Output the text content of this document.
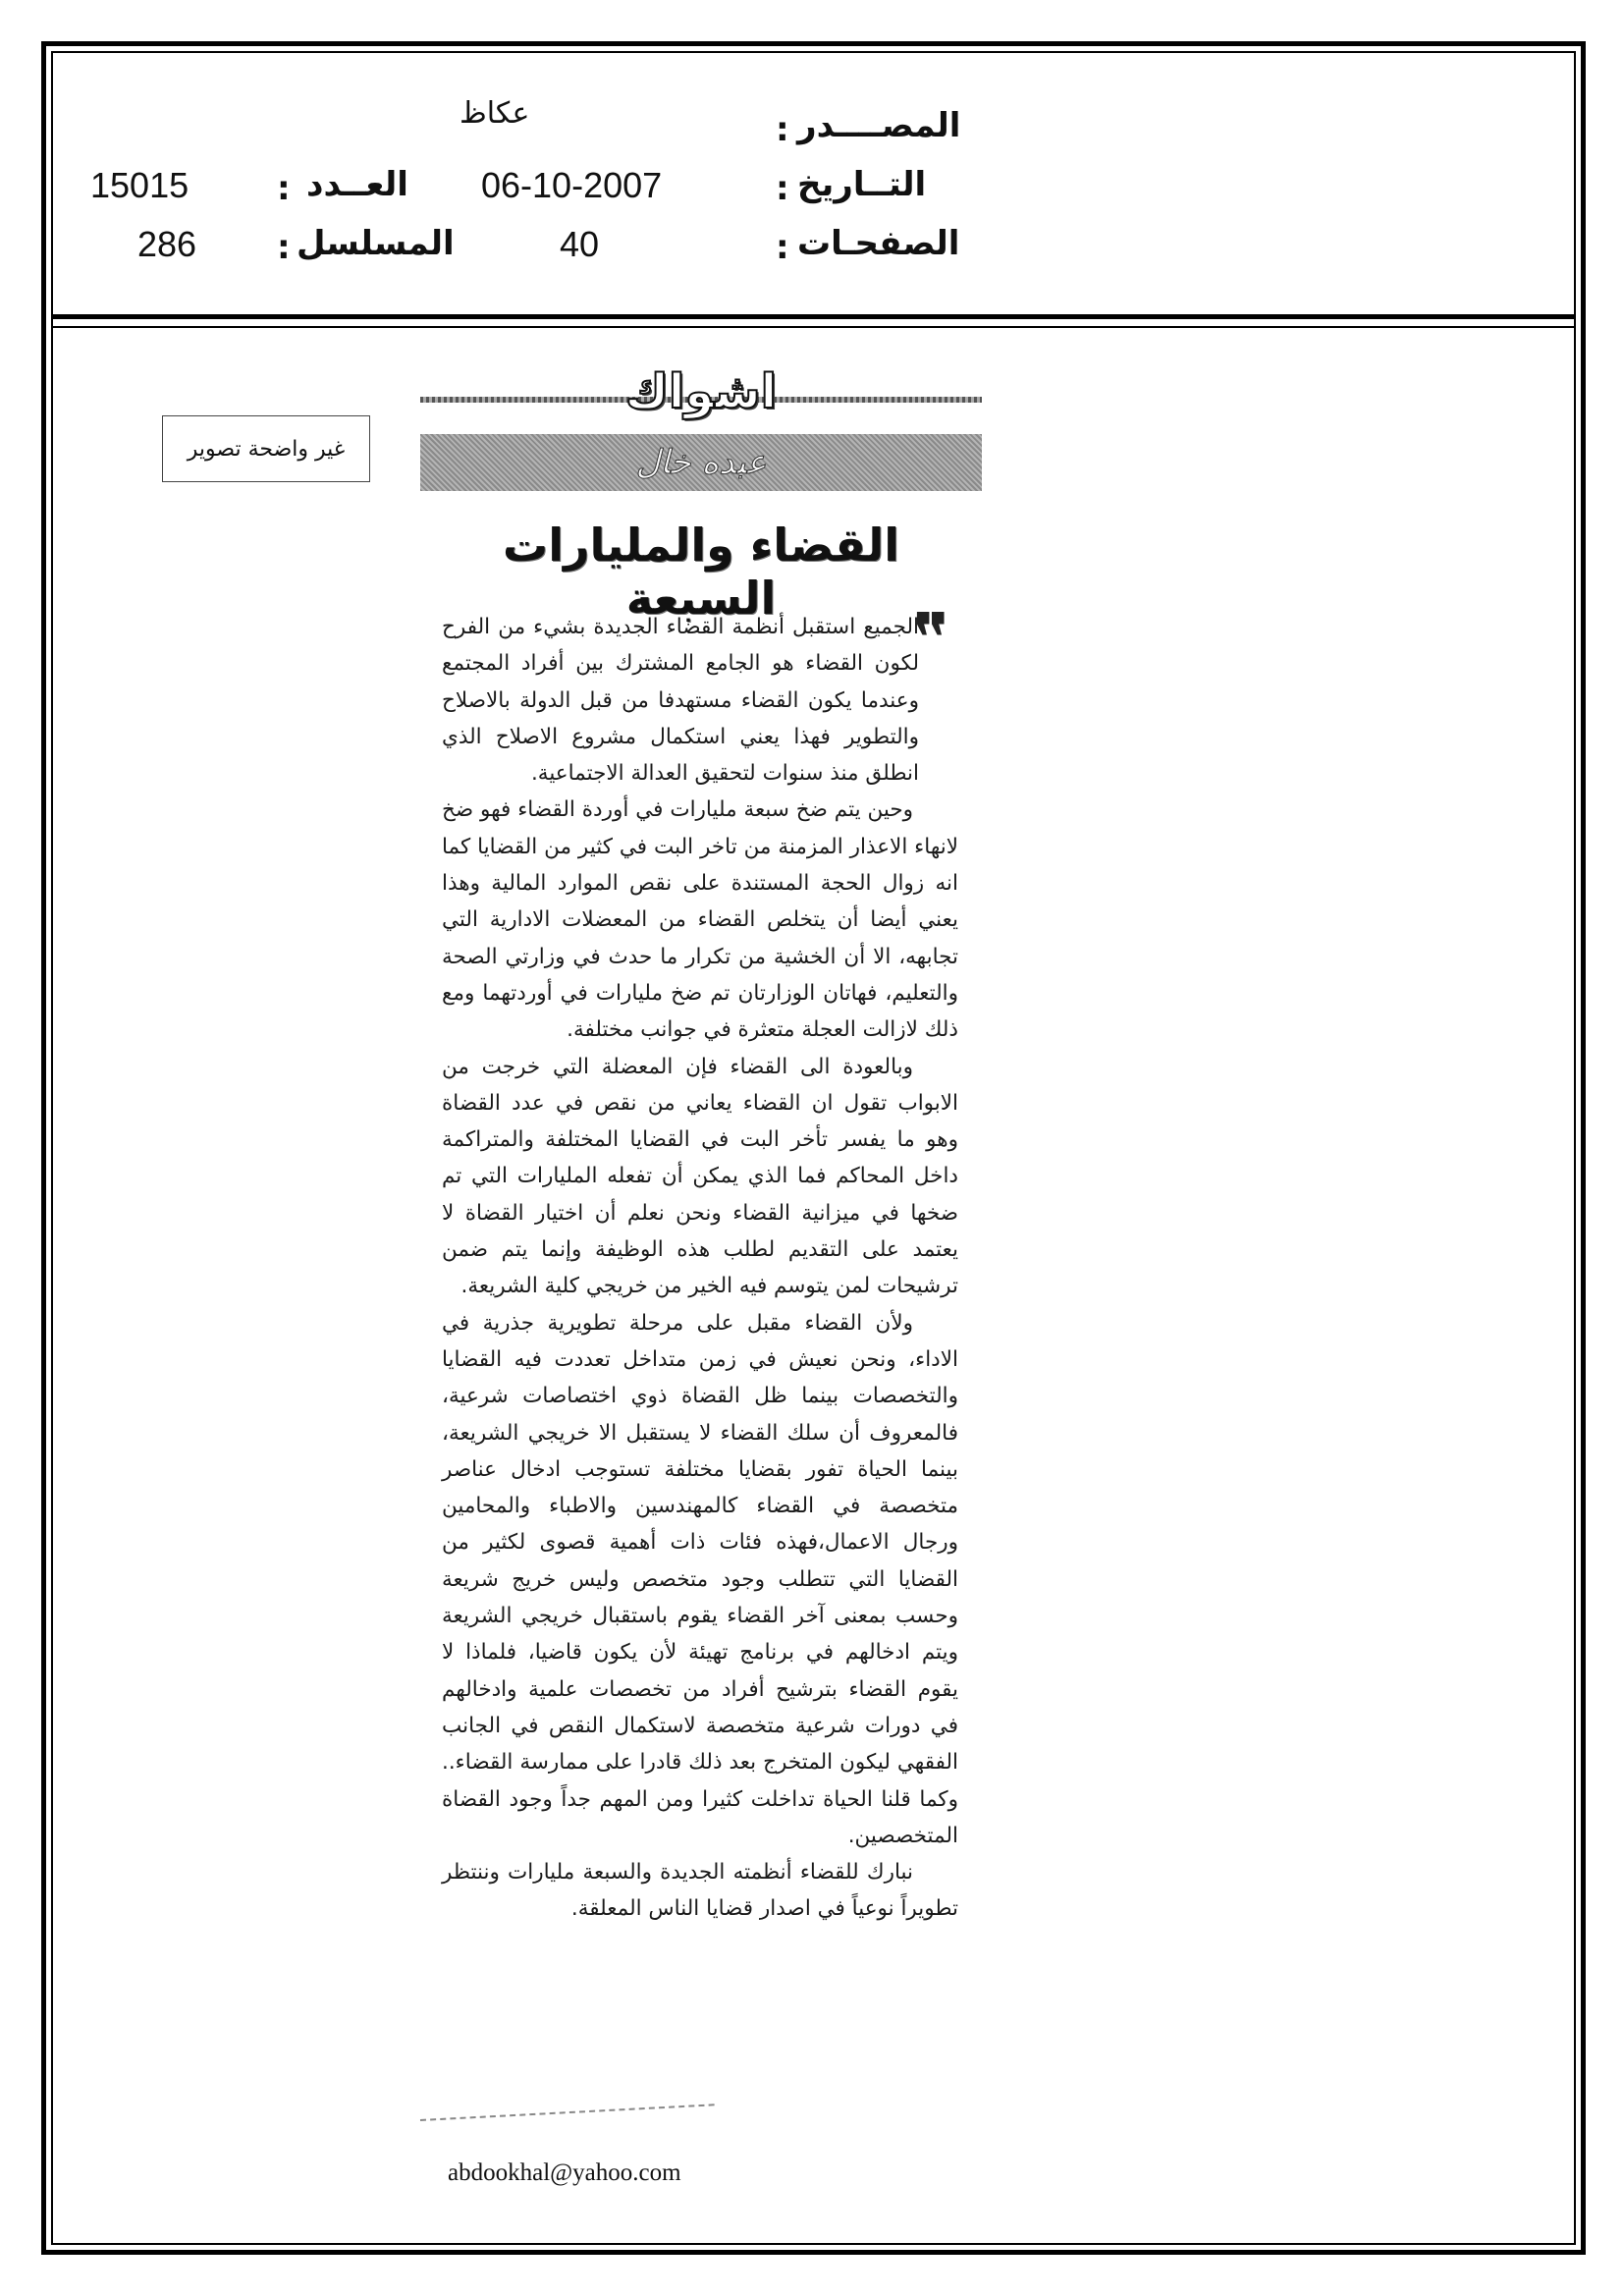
عكاظ	: المصــــدر
06-10-2007	: التــاريخ
15015	: العــدد
40	: الصفحـات
286 : المسلسل
غير واضحة تصوير
اشواك
عبده خال
القضاء والمليارات السبعة	❞

الجميع استقبل أنظمة القضاء الجديدة بشيء من الفرح لكون القضاء هو الجامع المشترك بين أفراد المجتمع وعندما يكون القضاء مستهدفا من قبل الدولة بالاصلاح والتطوير فهذا يعني استكمال مشروع الاصلاح الذي انطلق منذ سنوات لتحقيق العدالة الاجتماعية.

وحين يتم ضخ سبعة مليارات في أوردة القضاء فهو ضخ لانهاء الاعذار المزمنة من تاخر البت في كثير من القضايا كما انه زوال الحجة المستندة على نقص الموارد المالية وهذا يعني أيضا أن يتخلص القضاء من المعضلات الادارية التي تجابهه، الا أن الخشية من تكرار ما حدث في وزارتي الصحة والتعليم، فهاتان الوزارتان تم ضخ مليارات في أوردتهما ومع ذلك لازالت العجلة متعثرة في جوانب مختلفة.

وبالعودة الى القضاء فإن المعضلة التي خرجت من الابواب تقول ان القضاء يعاني من نقص في عدد القضاة وهو ما يفسر تأخر البت في القضايا المختلفة والمتراكمة داخل المحاكم فما الذي يمكن أن تفعله المليارات التي تم ضخها في ميزانية القضاء ونحن نعلم أن اختيار القضاة لا يعتمد على التقديم لطلب هذه الوظيفة وإنما يتم ضمن ترشيحات لمن يتوسم فيه الخير من خريجي كلية الشريعة.

ولأن القضاء مقبل على مرحلة تطويرية جذرية في الاداء، ونحن نعيش في زمن متداخل تعددت فيه القضايا والتخصصات بينما ظل القضاة ذوي اختصاصات شرعية، فالمعروف أن سلك القضاء لا يستقبل الا خريجي الشريعة، بينما الحياة تفور بقضايا مختلفة تستوجب ادخال عناصر متخصصة في القضاء كالمهندسين والاطباء والمحامين ورجال الاعمال،فهذه فئات ذات أهمية قصوى لكثير من القضايا التي تتطلب وجود متخصص وليس خريج شريعة وحسب بمعنى آخر القضاء يقوم باستقبال خريجي الشريعة ويتم ادخالهم في برنامج تهيئة لأن يكون قاضيا، فلماذا لا يقوم القضاء بترشيح أفراد من تخصصات علمية وادخالهم في دورات شرعية متخصصة لاستكمال النقص في الجانب الفقهي ليكون المتخرج بعد ذلك قادرا على ممارسة القضاء.. وكما قلنا الحياة تداخلت كثيرا ومن المهم جداً وجود القضاة المتخصصين.

نبارك للقضاء أنظمته الجديدة والسبعة مليارات وننتظر تطويراً نوعياً في اصدار قضايا الناس المعلقة.

abdookhal@yahoo.com
